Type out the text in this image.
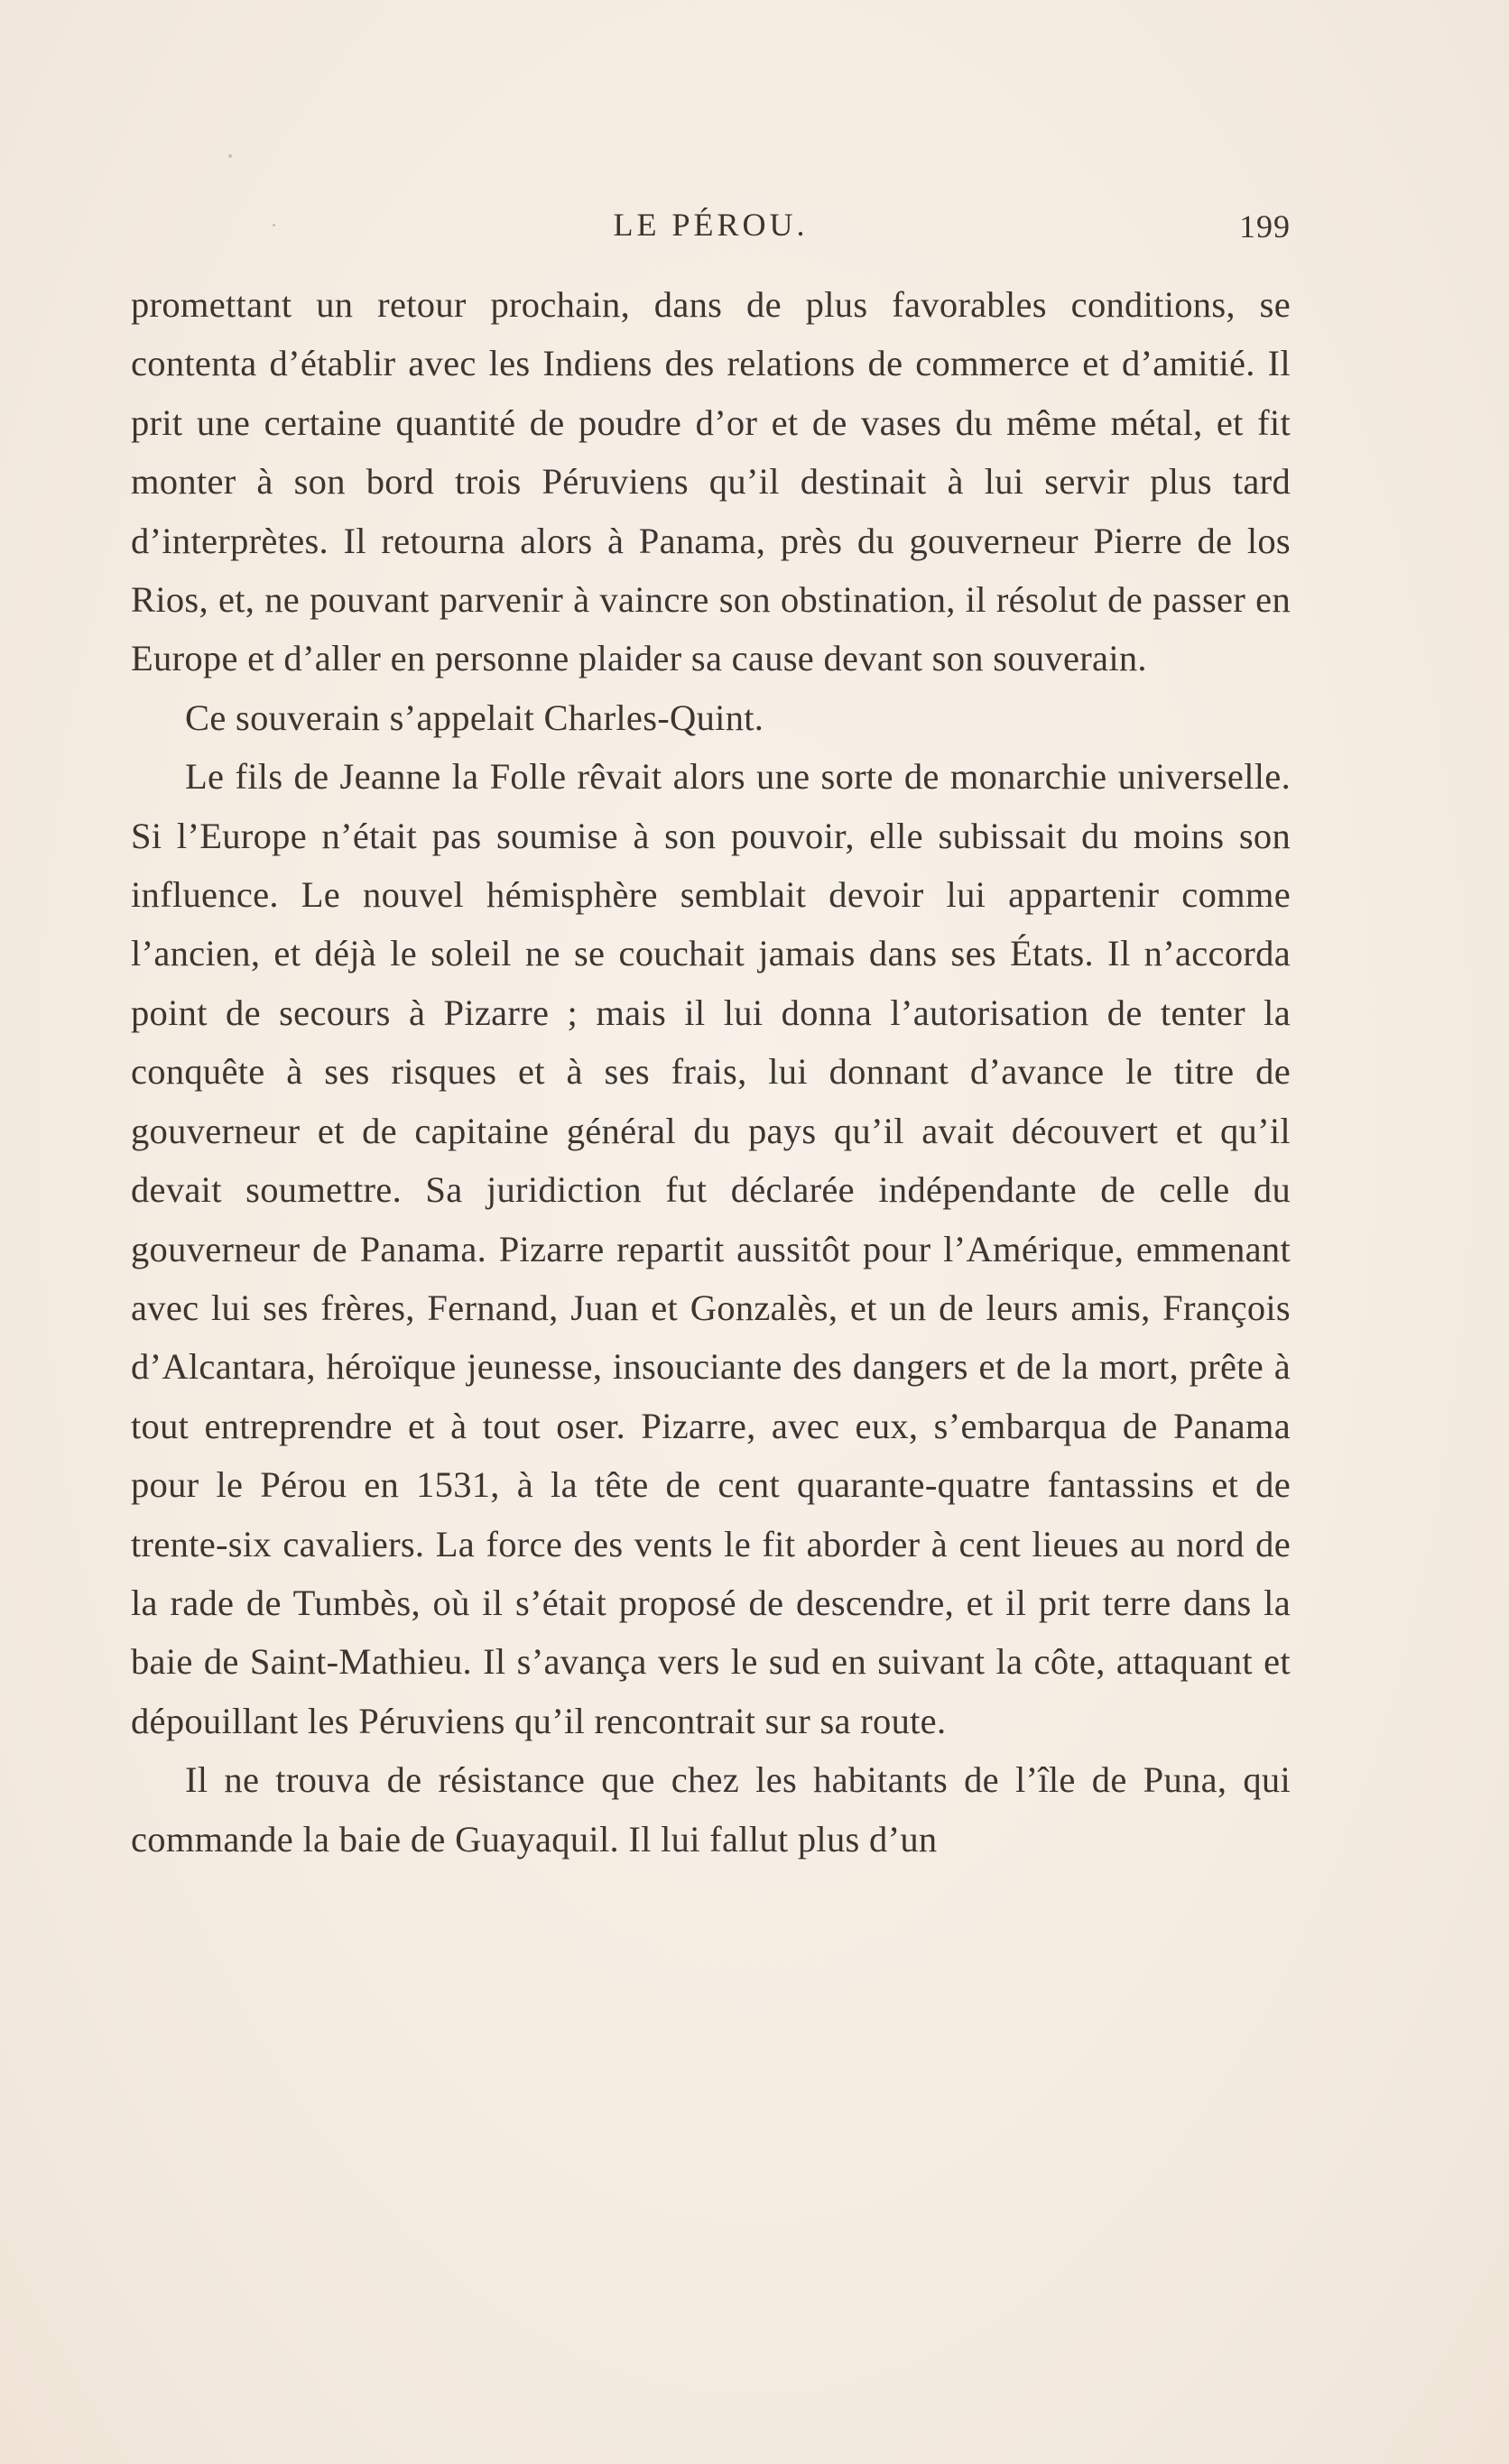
LE PÉROU.	199

promettant un retour prochain, dans de plus favorables conditions, se contenta d’établir avec les Indiens des relations de commerce et d’amitié. Il prit une certaine quantité de poudre d’or et de vases du même métal, et fit monter à son bord trois Péruviens qu’il destinait à lui servir plus tard d’interprètes. Il retourna alors à Panama, près du gouverneur Pierre de los Rios, et, ne pouvant parvenir à vaincre son obstination, il résolut de passer en Europe et d’aller en personne plaider sa cause devant son souverain.

Ce souverain s’appelait Charles-Quint.

Le fils de Jeanne la Folle rêvait alors une sorte de monarchie universelle. Si l’Europe n’était pas soumise à son pouvoir, elle subissait du moins son influence. Le nouvel hémisphère semblait devoir lui appartenir comme l’ancien, et déjà le soleil ne se couchait jamais dans ses États. Il n’accorda point de secours à Pizarre ; mais il lui donna l’autorisation de tenter la conquête à ses risques et à ses frais, lui donnant d’avance le titre de gouverneur et de capitaine général du pays qu’il avait découvert et qu’il devait soumettre. Sa juridiction fut déclarée indépendante de celle du gouverneur de Panama. Pizarre repartit aussitôt pour l’Amérique, emmenant avec lui ses frères, Fernand, Juan et Gonzalès, et un de leurs amis, François d’Alcantara, héroïque jeunesse, insouciante des dangers et de la mort, prête à tout entreprendre et à tout oser. Pizarre, avec eux, s’embarqua de Panama pour le Pérou en 1531, à la tête de cent quarante-quatre fantassins et de trente-six cavaliers. La force des vents le fit aborder à cent lieues au nord de la rade de Tumbès, où il s’était proposé de descendre, et il prit terre dans la baie de Saint-Mathieu. Il s’avança vers le sud en suivant la côte, attaquant et dépouillant les Péruviens qu’il rencontrait sur sa route.

Il ne trouva de résistance que chez les habitants de l’île de Puna, qui commande la baie de Guayaquil. Il lui fallut plus d’un
